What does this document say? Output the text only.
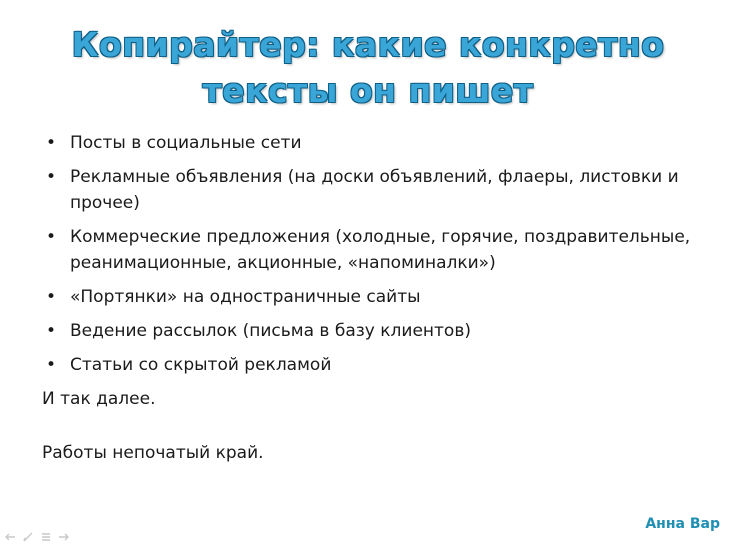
Копирайтер: какие конкретно
тексты он пишет
• Посты в социальные сети
• Рекламные объявления (на доски объявлений, флаеры, листовки и прочее)
• Коммерческие предложения (холодные, горячие, поздравительные, реанимационные, акционные, «напоминалки»)
• «Портянки» на одностраничные сайты
• Ведение рассылок (письма в базу клиентов)
• Статьи со скрытой рекламой

И так далее.

Работы непочатый край.

Анна Вар
